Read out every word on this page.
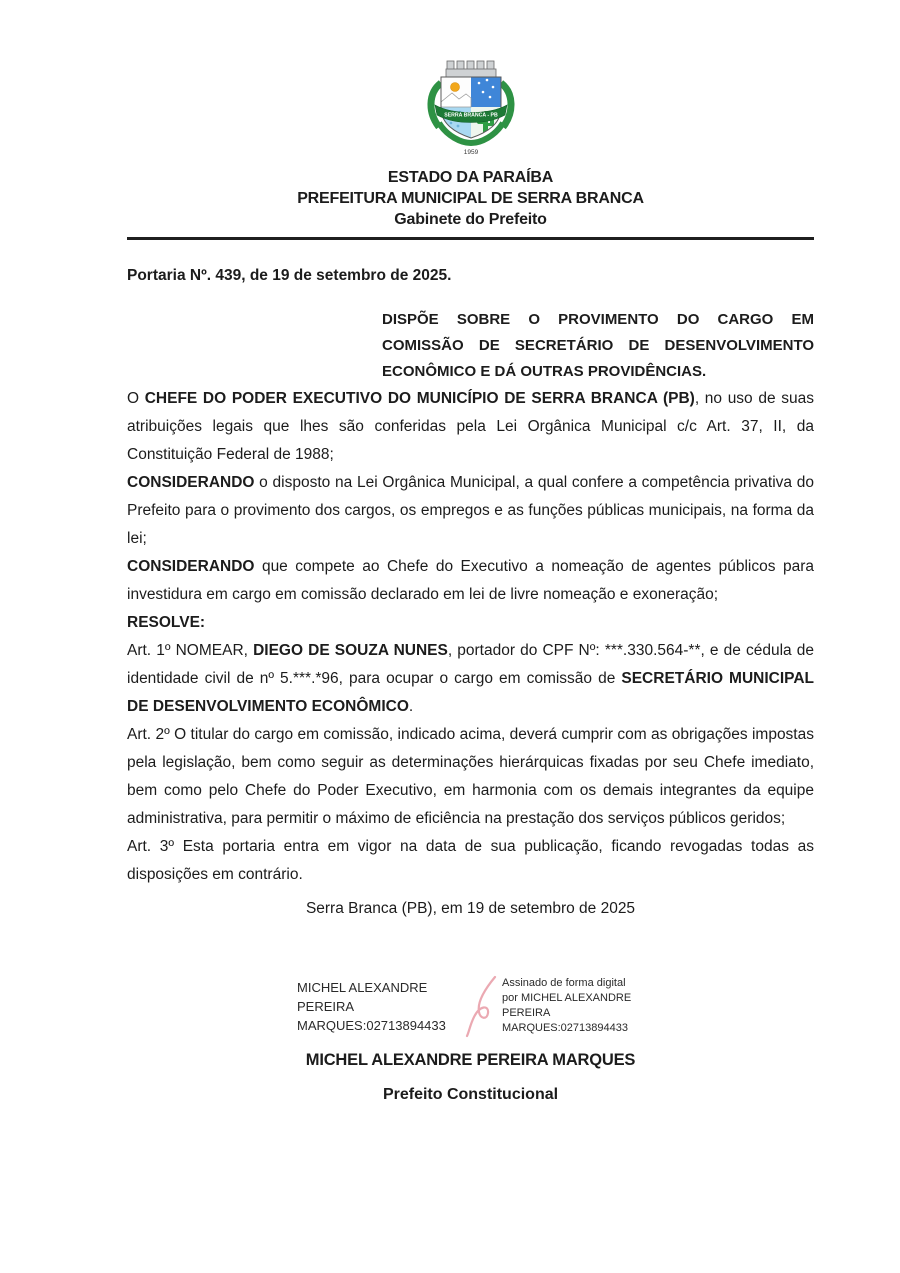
SERRA BRANCA - PB
1959
ESTADO DA PARAÍBA
PREFEITURA MUNICIPAL DE SERRA BRANCA
Gabinete do Prefeito
Portaria Nº. 439, de 19 de setembro de 2025.
DISPÕE SOBRE O PROVIMENTO DO CARGO EM COMISSÃO DE SECRETÁRIO DE DESENVOLVIMENTO ECONÔMICO E DÁ OUTRAS PROVIDÊNCIAS.

O CHEFE DO PODER EXECUTIVO DO MUNICÍPIO DE SERRA BRANCA (PB), no uso de suas atribuições legais que lhes são conferidas pela Lei Orgânica Municipal c/c Art. 37, II, da Constituição Federal de 1988;

CONSIDERANDO o disposto na Lei Orgânica Municipal, a qual confere a competência privativa do Prefeito para o provimento dos cargos, os empregos e as funções públicas municipais, na forma da lei;

CONSIDERANDO que compete ao Chefe do Executivo a nomeação de agentes públicos para investidura em cargo em comissão declarado em lei de livre nomeação e exoneração;

RESOLVE:

Art. 1º NOMEAR, DIEGO DE SOUZA NUNES, portador do CPF Nº: ***.330.564-**, e de cédula de identidade civil de nº 5.***.*96, para ocupar o cargo em comissão de SECRETÁRIO MUNICIPAL DE DESENVOLVIMENTO ECONÔMICO.

Art. 2º O titular do cargo em comissão, indicado acima, deverá cumprir com as obrigações impostas pela legislação, bem como seguir as determinações hierárquicas fixadas por seu Chefe imediato, bem como pelo Chefe do Poder Executivo, em harmonia com os demais integrantes da equipe administrativa, para permitir o máximo de eficiência na prestação dos serviços públicos geridos;

Art. 3º Esta portaria entra em vigor na data de sua publicação, ficando revogadas todas as disposições em contrário.

Serra Branca (PB), em 19 de setembro de 2025
MICHEL ALEXANDRE PEREIRA MARQUES:02713894433
Assinado de forma digital por MICHEL ALEXANDRE PEREIRA MARQUES:02713894433
MICHEL ALEXANDRE PEREIRA MARQUES
Prefeito Constitucional
